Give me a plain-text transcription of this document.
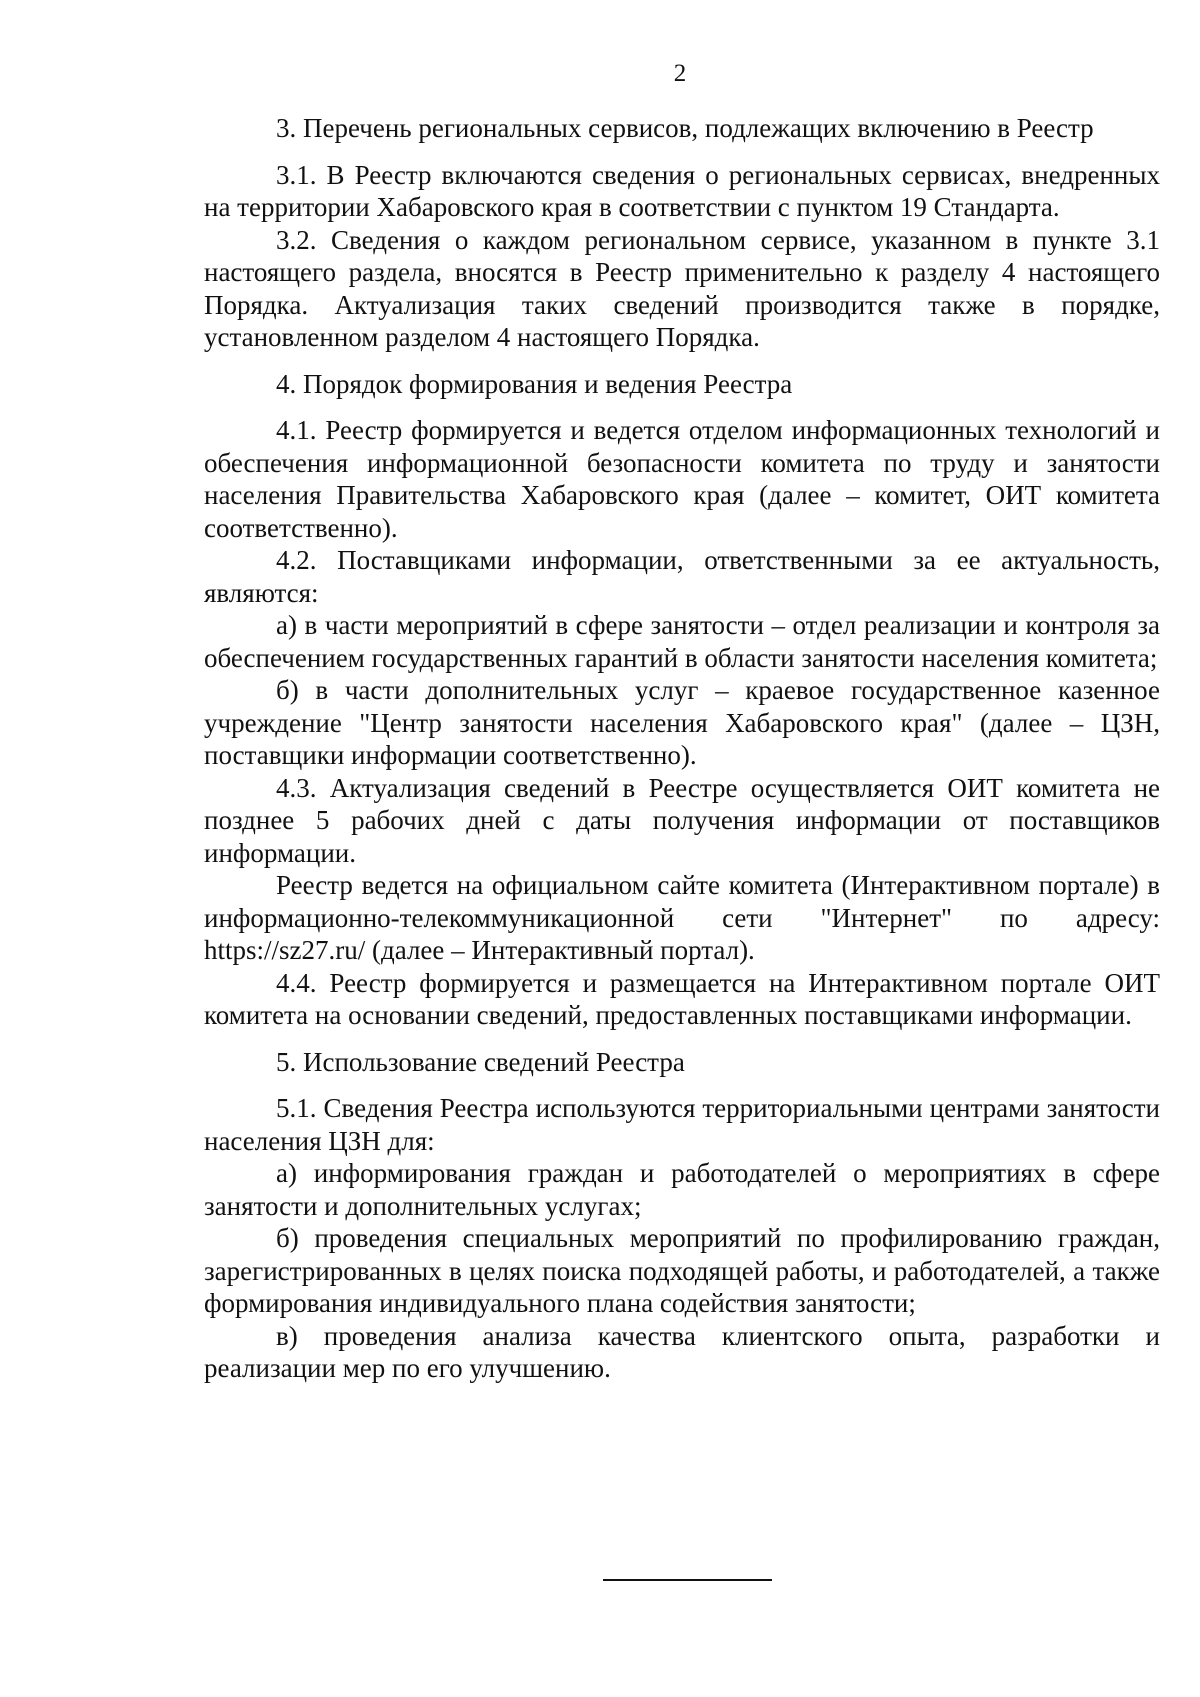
2

3. Перечень региональных сервисов, подлежащих включению в Реестр

3.1. В Реестр включаются сведения о региональных сервисах, внедренных на территории Хабаровского края в соответствии с пунктом 19 Стандарта.

3.2. Сведения о каждом региональном сервисе, указанном в пункте 3.1 настоящего раздела, вносятся в Реестр применительно к разделу 4 настоящего Порядка. Актуализация таких сведений производится также в порядке, установленном разделом 4 настоящего Порядка.

4. Порядок формирования и ведения Реестра

4.1. Реестр формируется и ведется отделом информационных технологий и обеспечения информационной безопасности комитета по труду и занятости населения Правительства Хабаровского края (далее – комитет, ОИТ комитета соответственно).

4.2. Поставщиками информации, ответственными за ее актуальность, являются:

а) в части мероприятий в сфере занятости – отдел реализации и контроля за обеспечением государственных гарантий в области занятости населения комитета;

б) в части дополнительных услуг – краевое государственное казенное учреждение "Центр занятости населения Хабаровского края" (далее – ЦЗН, поставщики информации соответственно).

4.3. Актуализация сведений в Реестре осуществляется ОИТ комитета не позднее 5 рабочих дней с даты получения информации от поставщиков информации.

Реестр ведется на официальном сайте комитета (Интерактивном портале) в информационно-телекоммуникационной сети "Интернет" по адресу: https://sz27.ru/ (далее – Интерактивный портал).

4.4. Реестр формируется и размещается на Интерактивном портале ОИТ комитета на основании сведений, предоставленных поставщиками информации.

5. Использование сведений Реестра

5.1. Сведения Реестра используются территориальными центрами занятости населения ЦЗН для:

а) информирования граждан и работодателей о мероприятиях в сфере занятости и дополнительных услугах;

б) проведения специальных мероприятий по профилированию граждан, зарегистрированных в целях поиска подходящей работы, и работодателей, а также формирования индивидуального плана содействия занятости;

в) проведения анализа качества клиентского опыта, разработки и реализации мер по его улучшению.
